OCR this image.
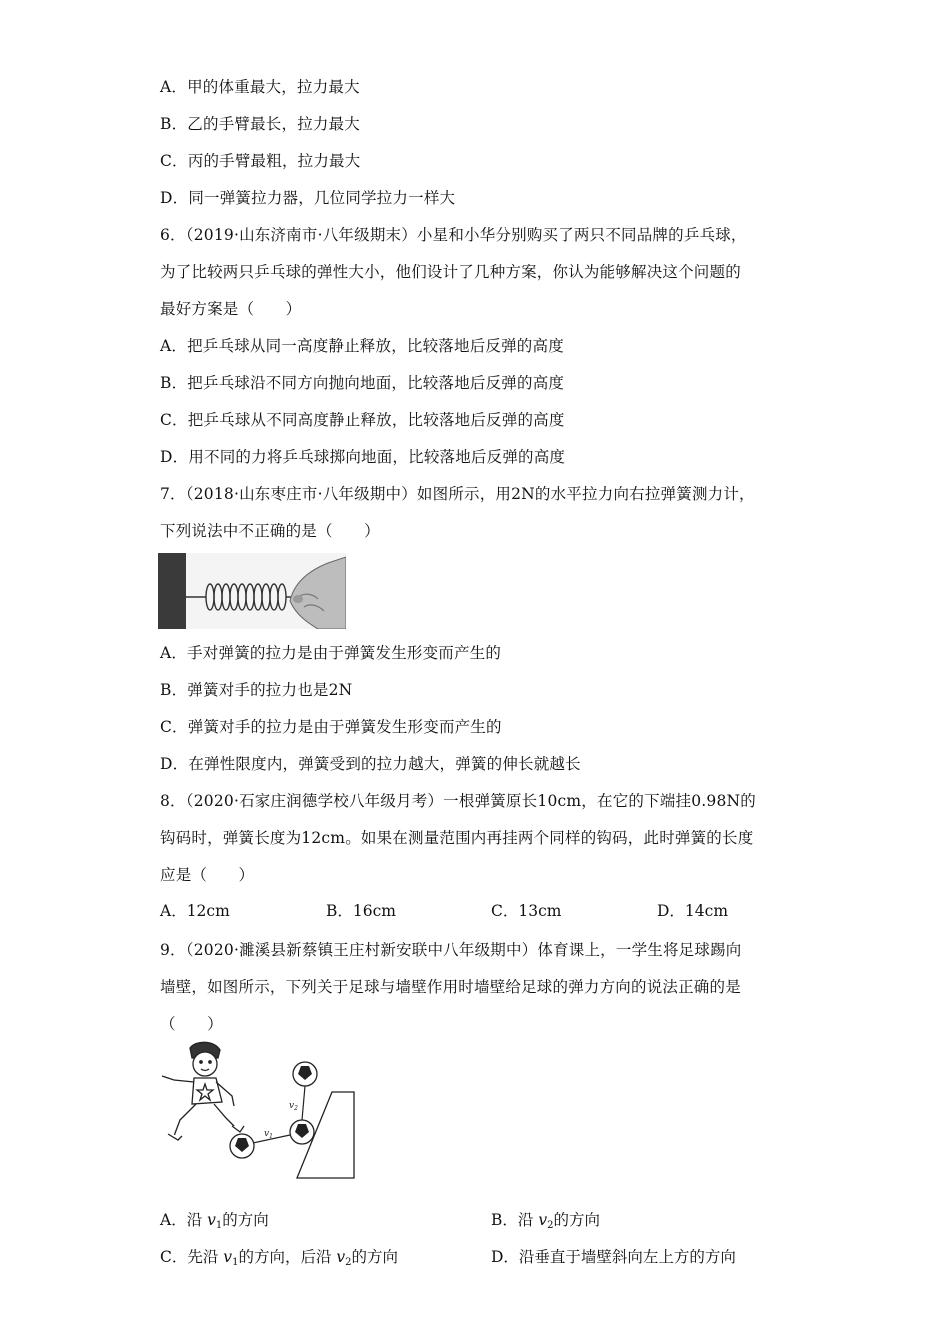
A．甲的体重最大，拉力最大
B．乙的手臂最长，拉力最大
C．丙的手臂最粗，拉力最大
D．同一弹簧拉力器，几位同学拉力一样大
6．（2019·山东济南市·八年级期末）小星和小华分别购买了两只不同品牌的乒乓球，
为了比较两只乒乓球的弹性大小，他们设计了几种方案，你认为能够解决这个问题的
最好方案是（　　）
A．把乒乓球从同一高度静止释放，比较落地后反弹的高度
B．把乒乓球沿不同方向抛向地面，比较落地后反弹的高度
C．把乒乓球从不同高度静止释放，比较落地后反弹的高度
D．用不同的力将乒乓球掷向地面，比较落地后反弹的高度
7．（2018·山东枣庄市·八年级期中）如图所示，用2N的水平拉力向右拉弹簧测力计，
下列说法中不正确的是（　　）
A．手对弹簧的拉力是由于弹簧发生形变而产生的
B．弹簧对手的拉力也是2N
C．弹簧对手的拉力是由于弹簧发生形变而产生的
D．在弹性限度内，弹簧受到的拉力越大，弹簧的伸长就越长
8．（2020·石家庄润德学校八年级月考）一根弹簧原长10cm，在它的下端挂0.98N的
钩码时，弹簧长度为12cm。如果在测量范围内再挂两个同样的钩码，此时弹簧的长度
应是（　　）
A．12cm	B．16cm	C．13cm	D．14cm
9．（2020·濉溪县新蔡镇王庄村新安联中八年级期中）体育课上，一学生将足球踢向
墙壁，如图所示，下列关于足球与墙壁作用时墙壁给足球的弹力方向的说法正确的是
（　　）
$v_1$
$v_2$
A．沿 $v_1$的方向	B．沿 $v_2$的方向
C．先沿 $v_1$的方向，后沿 $v_2$的方向	D．沿垂直于墙壁斜向左上方的方向
